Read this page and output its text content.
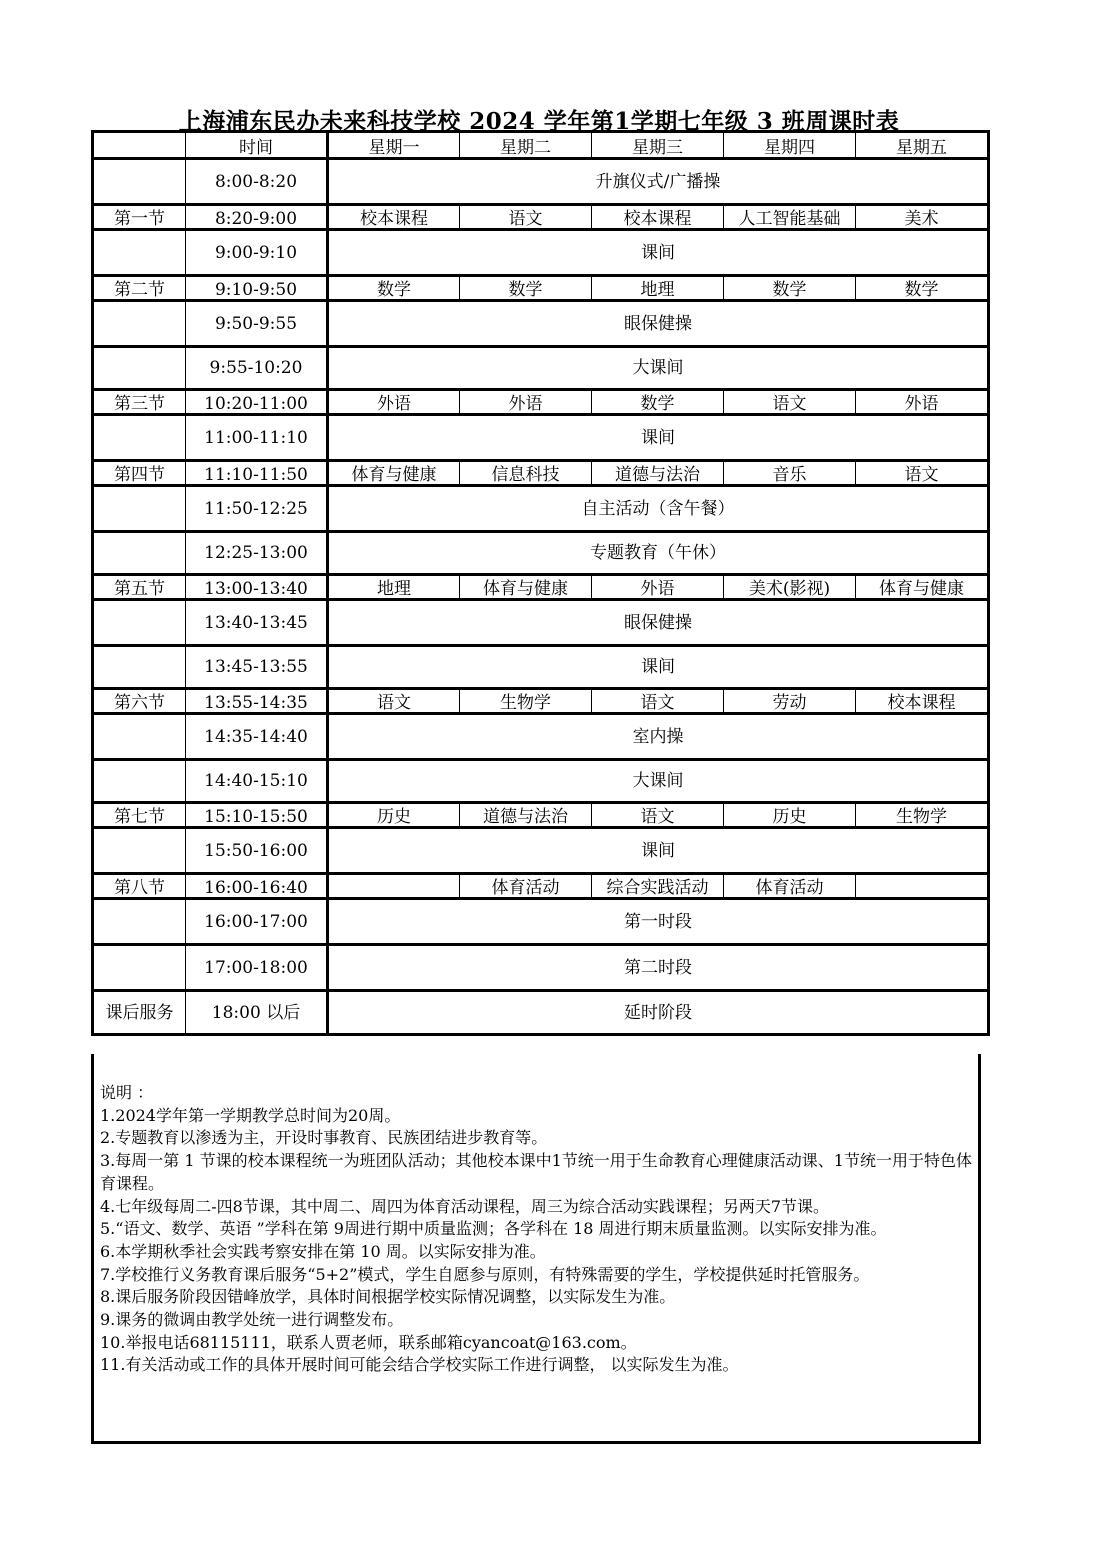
上海浦东民办未来科技学校 2024 学年第1学期七年级 3 班周课时表
	时间	星期一	星期二	星期三	星期四	星期五
	8:00-8:20	升旗仪式/广播操				
第一节	8:20-9:00	校本课程	语文	校本课程	人工智能基础	美术
	9:00-9:10	课间				
第二节	9:10-9:50	数学	数学	地理	数学	数学
	9:50-9:55	眼保健操				
	9:55-10:20	大课间				
第三节	10:20-11:00	外语	外语	数学	语文	外语
	11:00-11:10	课间				
第四节	11:10-11:50	体育与健康	信息科技	道德与法治	音乐	语文
	11:50-12:25	自主活动（含午餐）				
	12:25-13:00	专题教育（午休）				
第五节	13:00-13:40	地理	体育与健康	外语	美术(影视)	体育与健康
	13:40-13:45	眼保健操				
	13:45-13:55	课间				
第六节	13:55-14:35	语文	生物学	语文	劳动	校本课程
	14:35-14:40	室内操				
	14:40-15:10	大课间				
第七节	15:10-15:50	历史	道德与法治	语文	历史	生物学
	15:50-16:00	课间				
第八节	16:00-16:40		体育活动	综合实践活动	体育活动	
	16:00-17:00	第一时段				
	17:00-18:00	第二时段				
课后服务	18:00 以后	延时阶段				
说明 ：
1.2024学年第一学期教学总时间为20周。
2.专题教育以渗透为主，开设时事教育、民族团结进步教育等。
3.每周一第 1 节课的校本课程统一为班团队活动；其他校本课中1节统一用于生命教育心理健康活动课、1节统一用于特色体育课程。
4.七年级每周二-四8节课，其中周二、周四为体育活动课程，周三为综合活动实践课程；另两天7节课。
5.“语文、数学、英语 ”学科在第 9周进行期中质量监测；各学科在 18 周进行期末质量监测。以实际安排为准。
6.本学期秋季社会实践考察安排在第 10 周。以实际安排为准。
7.学校推行义务教育课后服务“5+2”模式，学生自愿参与原则，有特殊需要的学生，学校提供延时托管服务。
8.课后服务阶段因错峰放学，具体时间根据学校实际情况调整，以实际发生为准。
9.课务的微调由教学处统一进行调整发布。
10.举报电话68115111，联系人贾老师，联系邮箱cyancoat@163.com。
11.有关活动或工作的具体开展时间可能会结合学校实际工作进行调整， 以实际发生为准。
